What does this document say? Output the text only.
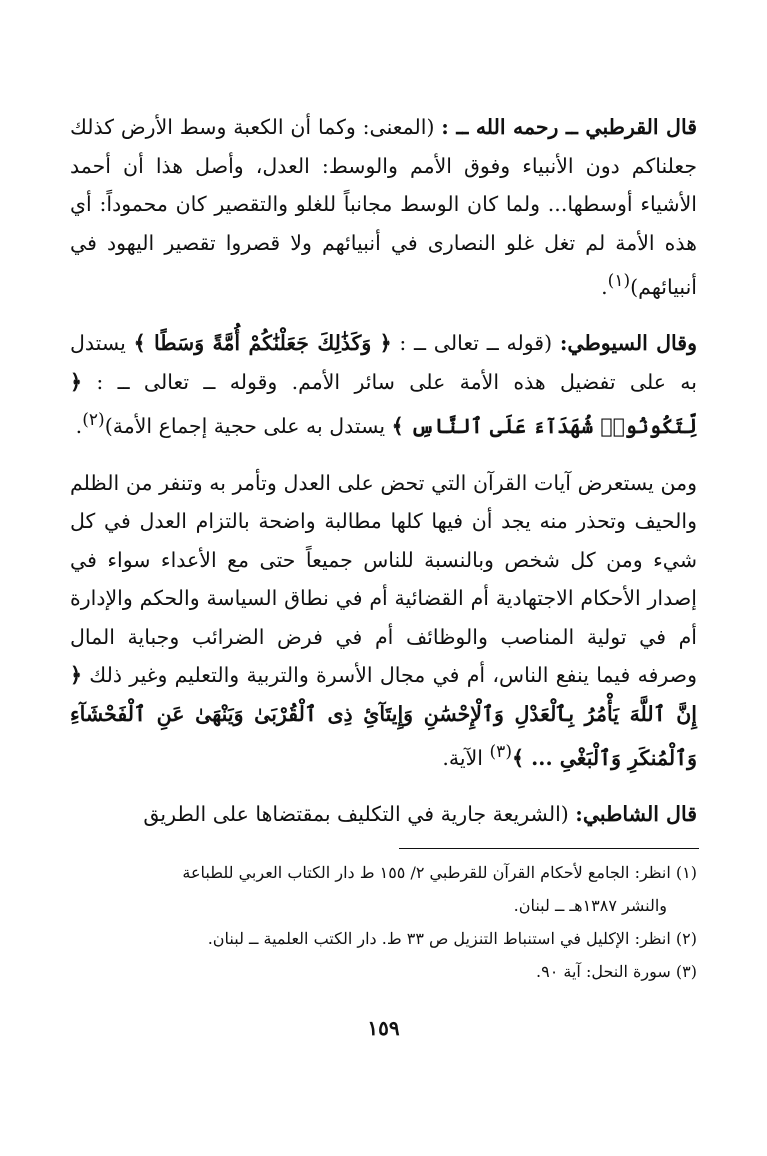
قال القرطبي ــ رحمه الله ــ : (المعنى: وكما أن الكعبة وسط الأرض كذلك جعلناكم دون الأنبياء وفوق الأمم والوسط: العدل، وأصل هذا أن أحمد الأشياء أوسطها... ولما كان الوسط مجانباً للغلو والتقصير كان محموداً: أي هذه الأمة لم تغل غلو النصارى في أنبيائهم ولا قصروا تقصير اليهود في أنبيائهم)$^{(١)}$.

وقال السيوطي: (قوله ــ تعالى ــ : ﴿ وَكَذَٰلِكَ جَعَلْنَٰكُمْ أُمَّةً وَسَطًا ﴾ يستدل به على تفضيل هذه الأمة على سائر الأمم. وقوله ــ تعالى ــ : ﴿ لِّتَكُونُوا۟ شُهَدَآءَ عَلَى ٱلنَّاسِ ﴾ يستدل به على حجية إجماع الأمة)$^{(٢)}$.

ومن يستعرض آيات القرآن التي تحض على العدل وتأمر به وتنفر من الظلم والحيف وتحذر منه يجد أن فيها كلها مطالبة واضحة بالتزام العدل في كل شيء ومن كل شخص وبالنسبة للناس جميعاً حتى مع الأعداء سواء في إصدار الأحكام الاجتهادية أم القضائية أم في نطاق السياسة والحكم والإدارة أم في تولية المناصب والوظائف أم في فرض الضرائب وجباية المال وصرفه فيما ينفع الناس، أم في مجال الأسرة والتربية والتعليم وغير ذلك ﴿ إِنَّ ٱللَّهَ يَأْمُرُ بِٱلْعَدْلِ وَٱلْإِحْسَٰنِ وَإِيتَآئِ ذِى ٱلْقُرْبَىٰ وَيَنْهَىٰ عَنِ ٱلْفَحْشَآءِ وَٱلْمُنكَرِ وَٱلْبَغْىِ ... ﴾$^{(٣)}$ الآية.

قال الشاطبي: (الشريعة جارية في التكليف بمقتضاها على الطريق

(١) انظر: الجامع لأحكام القرآن للقرطبي ٢/ ١٥٥ ط دار الكتاب العربي للطباعة

والنشر ١٣٨٧هـ ــ لبنان.

(٢) انظر: الإكليل في استنباط التنزيل ص ٣٣ ط. دار الكتب العلمية ــ لبنان.

(٣) سورة النحل: آية ٩٠.

١٥٩
